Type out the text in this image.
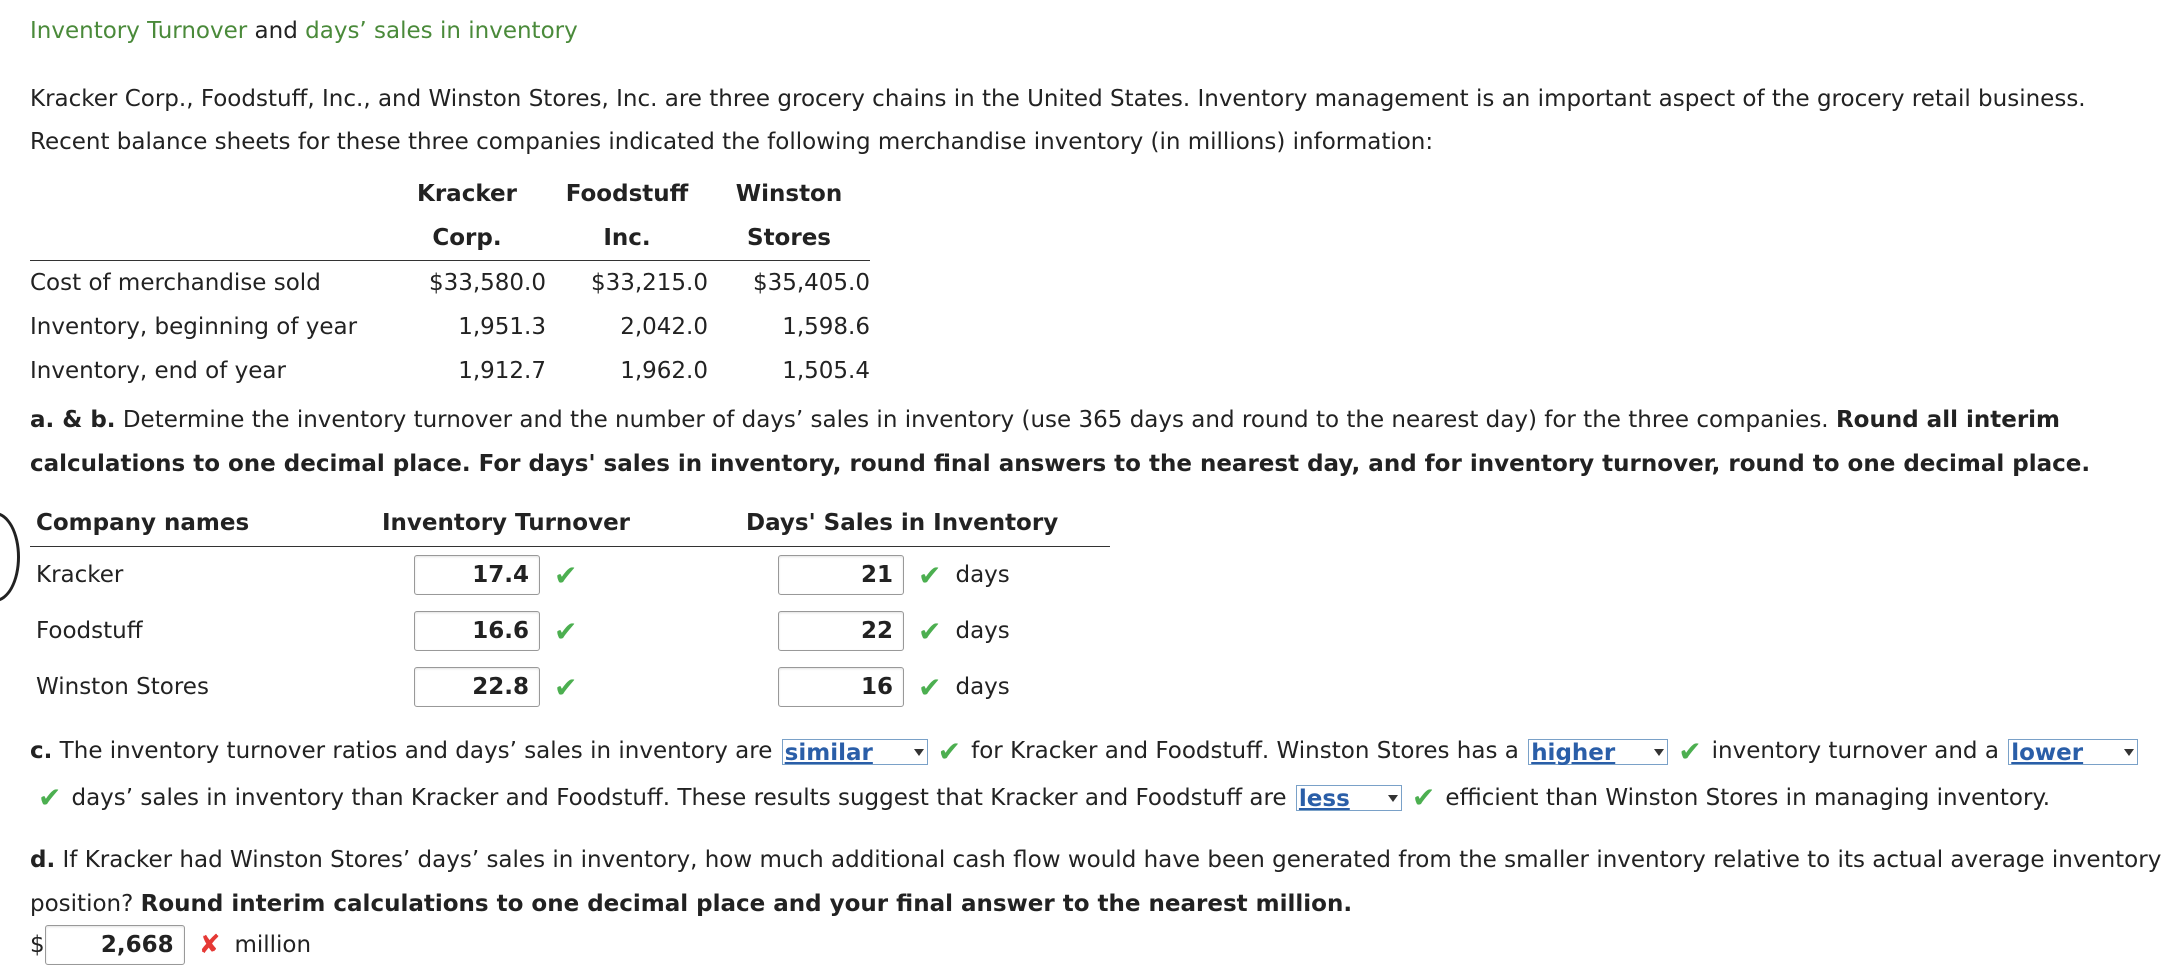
Inventory Turnover and days’ sales in inventory
Kracker Corp., Foodstuff, Inc., and Winston Stores, Inc. are three grocery chains in the United States. Inventory management is an important aspect of the grocery retail business. Recent balance sheets for these three companies indicated the following merchandise inventory (in millions) information:
	Kracker	Foodstuff	Winston
	Corp.	Inc.	Stores
Cost of merchandise sold	$33,580.0	$33,215.0	$35,405.0
Inventory, beginning of year	1,951.3	2,042.0	1,598.6
Inventory, end of year	1,912.7	1,962.0	1,505.4
a. & b. Determine the inventory turnover and the number of days’ sales in inventory (use 365 days and round to the nearest day) for the three companies. Round all interim calculations to one decimal place. For days' sales in inventory, round final answers to the nearest day, and for inventory turnover, round to one decimal place.
Company names	Inventory Turnover	Days' Sales in Inventory
Kracker	17.4 ✔	21 ✔ days
Foodstuff	16.6 ✔	22 ✔ days
Winston Stores	22.8 ✔	16 ✔ days
c. The inventory turnover ratios and days’ sales in inventory are similar ✔ for Kracker and Foodstuff. Winston Stores has a higher ✔ inventory turnover and a lower
✔ days’ sales in inventory than Kracker and Foodstuff. These results suggest that Kracker and Foodstuff are less ✔ efficient than Winston Stores in managing inventory.
d. If Kracker had Winston Stores’ days’ sales in inventory, how much additional cash flow would have been generated from the smaller inventory relative to its actual average inventory position? Round interim calculations to one decimal place and your final answer to the nearest million.
$	2,668 ✘ million
